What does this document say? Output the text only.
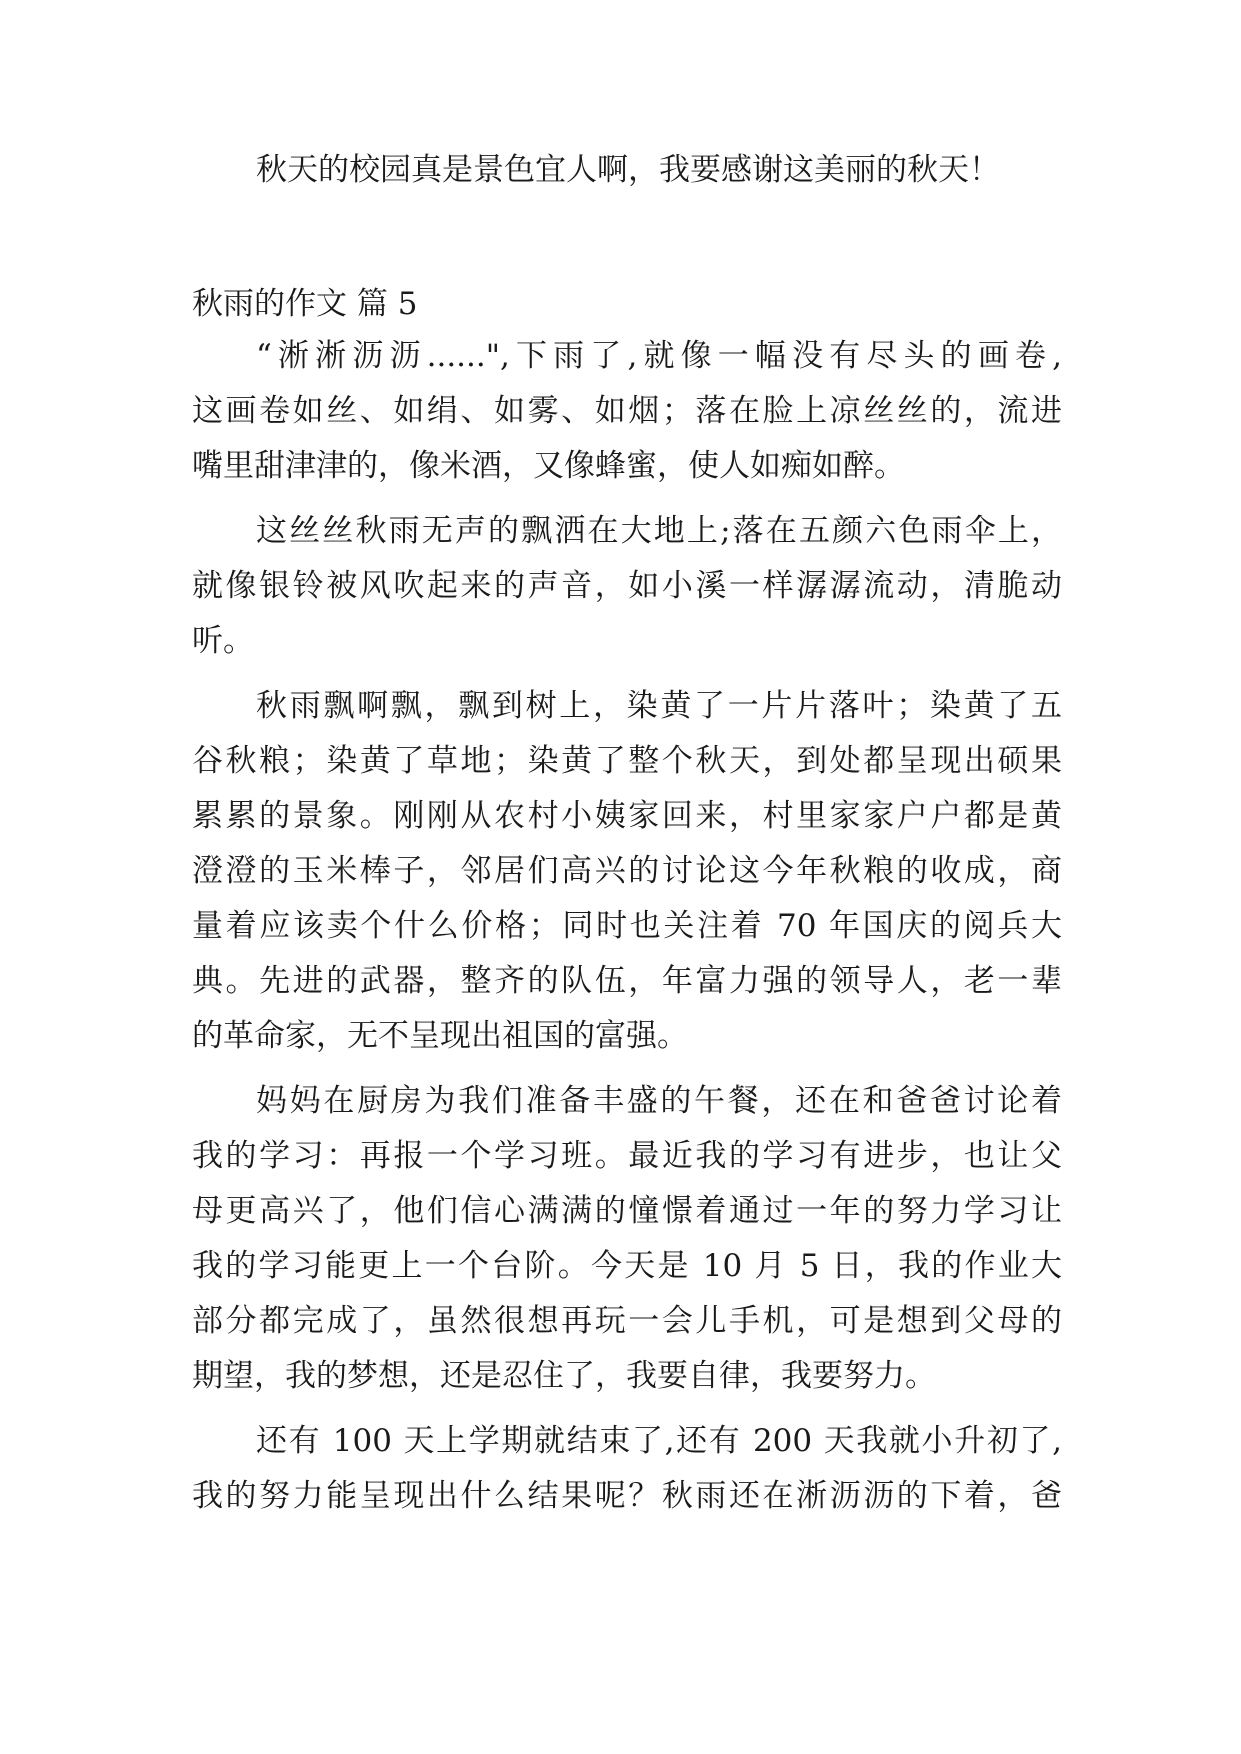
秋天的校园真是景色宜人啊，我要感谢这美丽的秋天！

秋雨的作文 篇 5

“淅淅沥沥......",下雨了,就像一幅没有尽头的画卷,

这画卷如丝、如绢、如雾、如烟；落在脸上凉丝丝的，流进

嘴里甜津津的，像米酒，又像蜂蜜，使人如痴如醉。

这丝丝秋雨无声的飘洒在大地上;落在五颜六色雨伞上，

就像银铃被风吹起来的声音，如小溪一样潺潺流动，清脆动

听。

秋雨飘啊飘，飘到树上，染黄了一片片落叶；染黄了五

谷秋粮；染黄了草地；染黄了整个秋天，到处都呈现出硕果

累累的景象。刚刚从农村小姨家回来，村里家家户户都是黄

澄澄的玉米棒子，邻居们高兴的讨论这今年秋粮的收成，商

量着应该卖个什么价格；同时也关注着 70 年国庆的阅兵大

典。先进的武器，整齐的队伍，年富力强的领导人，老一辈

的革命家，无不呈现出祖国的富强。

妈妈在厨房为我们准备丰盛的午餐，还在和爸爸讨论着

我的学习：再报一个学习班。最近我的学习有进步，也让父

母更高兴了，他们信心满满的憧憬着通过一年的努力学习让

我的学习能更上一个台阶。今天是 10 月 5 日，我的作业大

部分都完成了，虽然很想再玩一会儿手机，可是想到父母的

期望，我的梦想，还是忍住了，我要自律，我要努力。

还有 100 天上学期就结束了,还有 200 天我就小升初了,

我的努力能呈现出什么结果呢？秋雨还在淅沥沥的下着，爸
